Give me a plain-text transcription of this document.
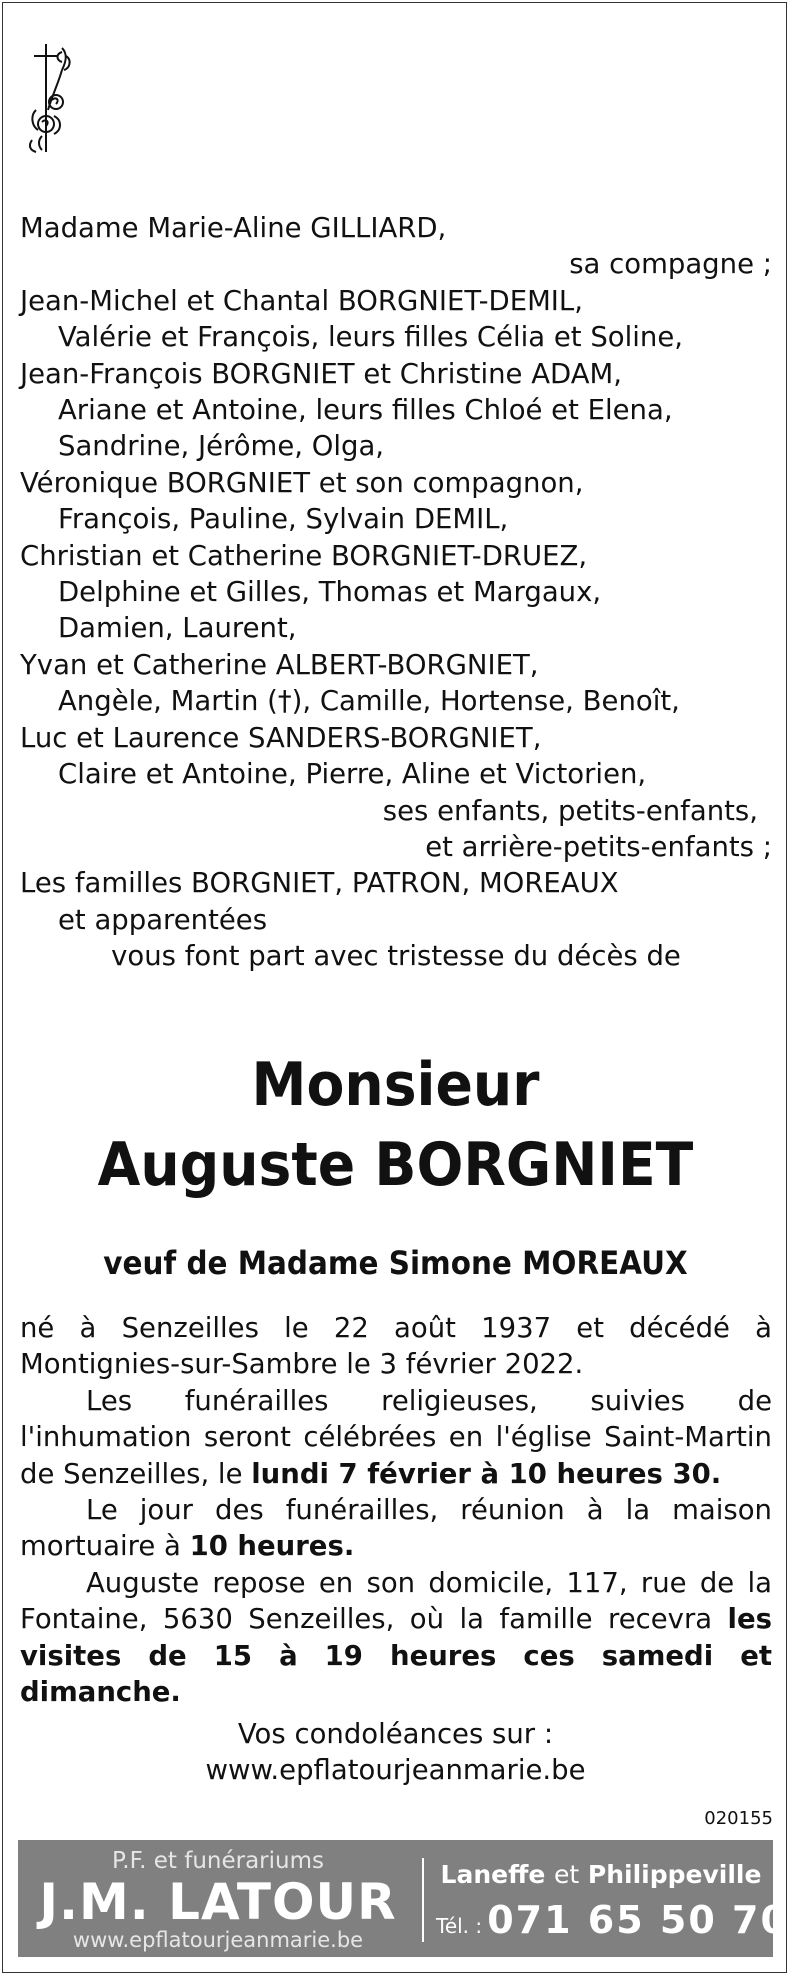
Madame Marie-Aline GILLIARD,
sa compagne ;
Jean-Michel et Chantal BORGNIET-DEMIL,
Valérie et François, leurs filles Célia et Soline,
Jean-François BORGNIET et Christine ADAM,
Ariane et Antoine, leurs filles Chloé et Elena,
Sandrine, Jérôme, Olga,
Véronique BORGNIET et son compagnon,
François, Pauline, Sylvain DEMIL,
Christian et Catherine BORGNIET-DRUEZ,
Delphine et Gilles, Thomas et Margaux,
Damien, Laurent,
Yvan et Catherine ALBERT-BORGNIET,
Angèle, Martin (†), Camille, Hortense, Benoît,
Luc et Laurence SANDERS-BORGNIET,
Claire et Antoine, Pierre, Aline et Victorien,
ses enfants, petits-enfants,
et arrière-petits-enfants ;
Les familles BORGNIET, PATRON, MOREAUX
et apparentées
vous font part avec tristesse du décès de
Monsieur
Auguste BORGNIET
veuf de Madame Simone MOREAUX

né à Senzeilles le 22 août 1937 et décédé à Montignies-sur-Sambre le 3 février 2022.

Les funérailles religieuses, suivies de l'inhumation seront célébrées en l'église Saint-Martin de Senzeilles, le lundi 7 février à 10 heures 30.

Le jour des funérailles, réunion à la maison mortuaire à 10 heures.

Auguste repose en son domicile, 117, rue de la Fontaine, 5630 Senzeilles, où la famille recevra les visites de 15 à 19 heures ces samedi et dimanche.

Vos condoléances sur :
www.epflatourjeanmarie.be
020155
P.F. et funérariums
J.M. LATOUR
www.epflatourjeanmarie.be
Laneffe et Philippeville
Tél. : 071 65 50 70
